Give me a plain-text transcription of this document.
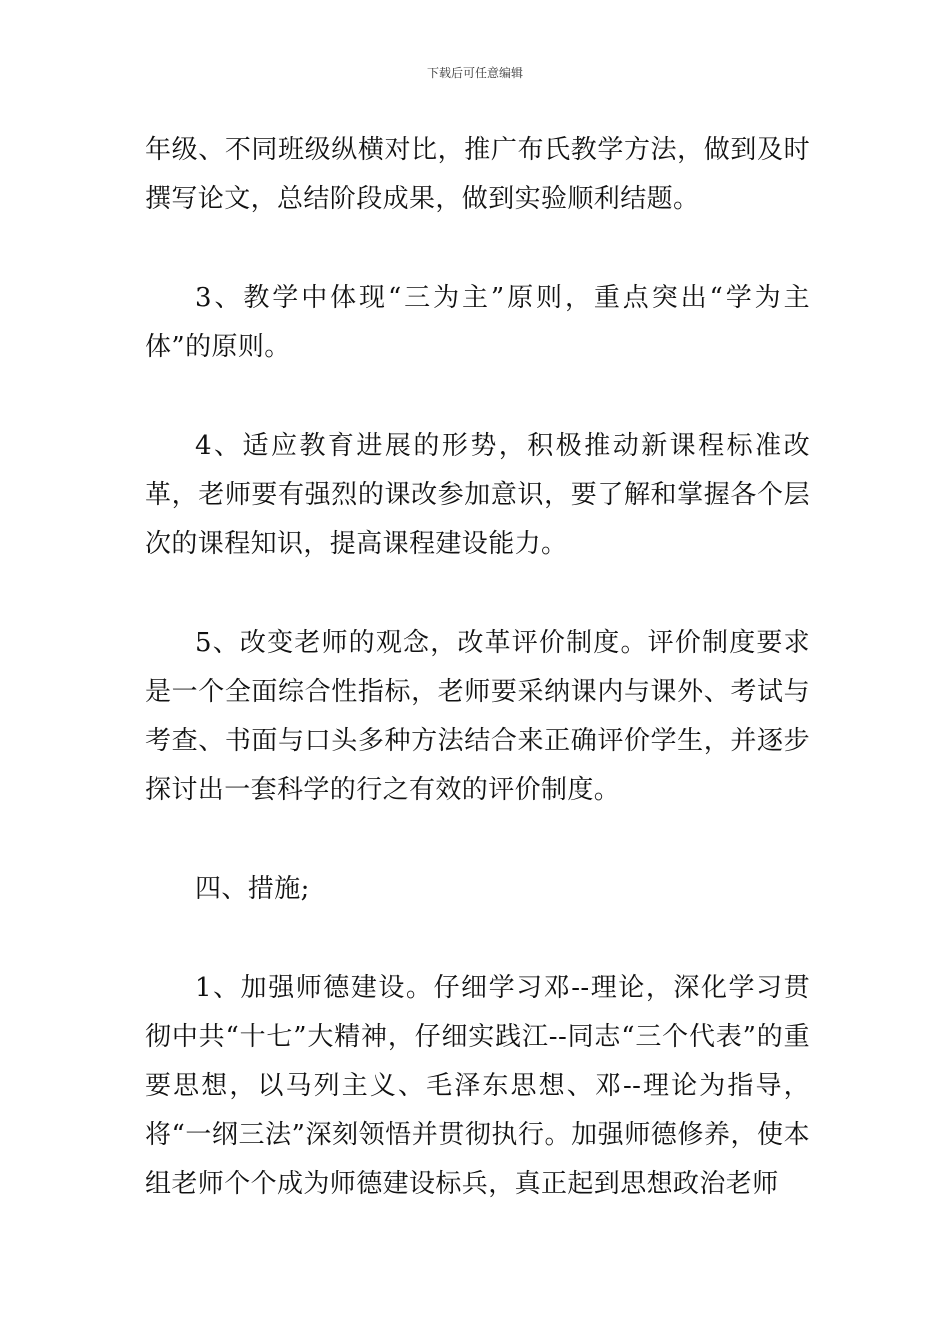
下载后可任意编辑

年级、不同班级纵横对比，推广布氏教学方法，做到及时撰写论文，总结阶段成果，做到实验顺利结题。

3、教学中体现“三为主”原则，重点突出“学为主体”的原则。

4、适应教育进展的形势，积极推动新课程标准改革，老师要有强烈的课改参加意识，要了解和掌握各个层次的课程知识，提高课程建设能力。

5、改变老师的观念，改革评价制度。评价制度要求是一个全面综合性指标，老师要采纳课内与课外、考试与考查、书面与口头多种方法结合来正确评价学生，并逐步探讨出一套科学的行之有效的评价制度。

四、措施;

1、加强师德建设。仔细学习邓--理论，深化学习贯彻中共“十七”大精神，仔细实践江--同志“三个代表”的重要思想，以马列主义、毛泽东思想、邓--理论为指导，将“一纲三法”深刻领悟并贯彻执行。加强师德修养，使本组老师个个成为师德建设标兵，真正起到思想政治老师
